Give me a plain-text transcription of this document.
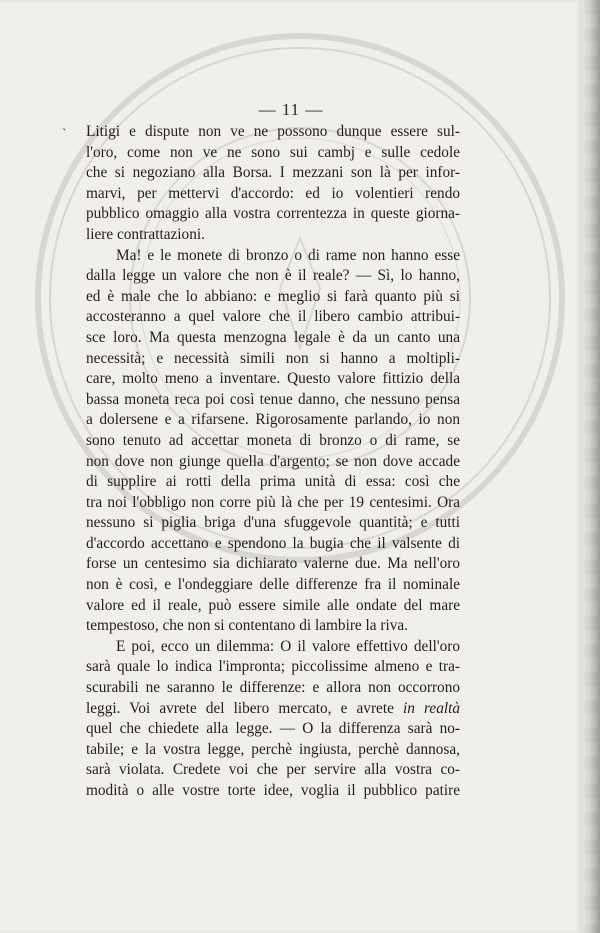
— 11 —
ˋ Litigi e dispute non ve ne possono dunque essere sul-
l'oro, come non ve ne sono sui cambj e sulle cedole
che si negoziano alla Borsa. I mezzani son là per infor-
marvi, per mettervi d'accordo: ed io volentieri rendo
pubblico omaggio alla vostra correntezza in queste giorna-
liere contrattazioni.
Ma! e le monete di bronzo o di rame non hanno esse
dalla legge un valore che non è il reale? — Sì, lo hanno,
ed è male che lo abbiano: e meglio si farà quanto più si
accosteranno a quel valore che il libero cambio attribui-
sce loro. Ma questa menzogna legale è da un canto una
necessità; e necessità simili non si hanno a moltipli-
care, molto meno a inventare. Questo valore fittizio della
bassa moneta reca poi così tenue danno, che nessuno pensa
a dolersene e a rifarsene. Rigorosamente parlando, io non
sono tenuto ad accettar moneta di bronzo o di rame, se
non dove non giunge quella d'argento; se non dove accade
di supplire ai rotti della prima unità di essa: così che
tra noi l'obbligo non corre più là che per 19 centesimi. Ora
nessuno si piglia briga d'una sfuggevole quantità; e tutti
d'accordo accettano e spendono la bugia che il valsente di
forse un centesimo sia dichiarato valerne due. Ma nell'oro
non è così, e l'ondeggiare delle differenze fra il nominale
valore ed il reale, può essere simile alle ondate del mare
tempestoso, che non si contentano di lambire la riva.
E poi, ecco un dilemma: O il valore effettivo dell'oro
sarà quale lo indica l'impronta; piccolissime almeno e tra-
scurabili ne saranno le differenze: e allora non occorrono
leggi. Voi avrete del libero mercato, e avrete in realtà
quel che chiedete alla legge. — O la differenza sarà no-
tabile; e la vostra legge, perchè ingiusta, perchè dannosa,
sarà violata. Credete voi che per servire alla vostra co-
modità o alle vostre torte idee, voglia il pubblico patire
